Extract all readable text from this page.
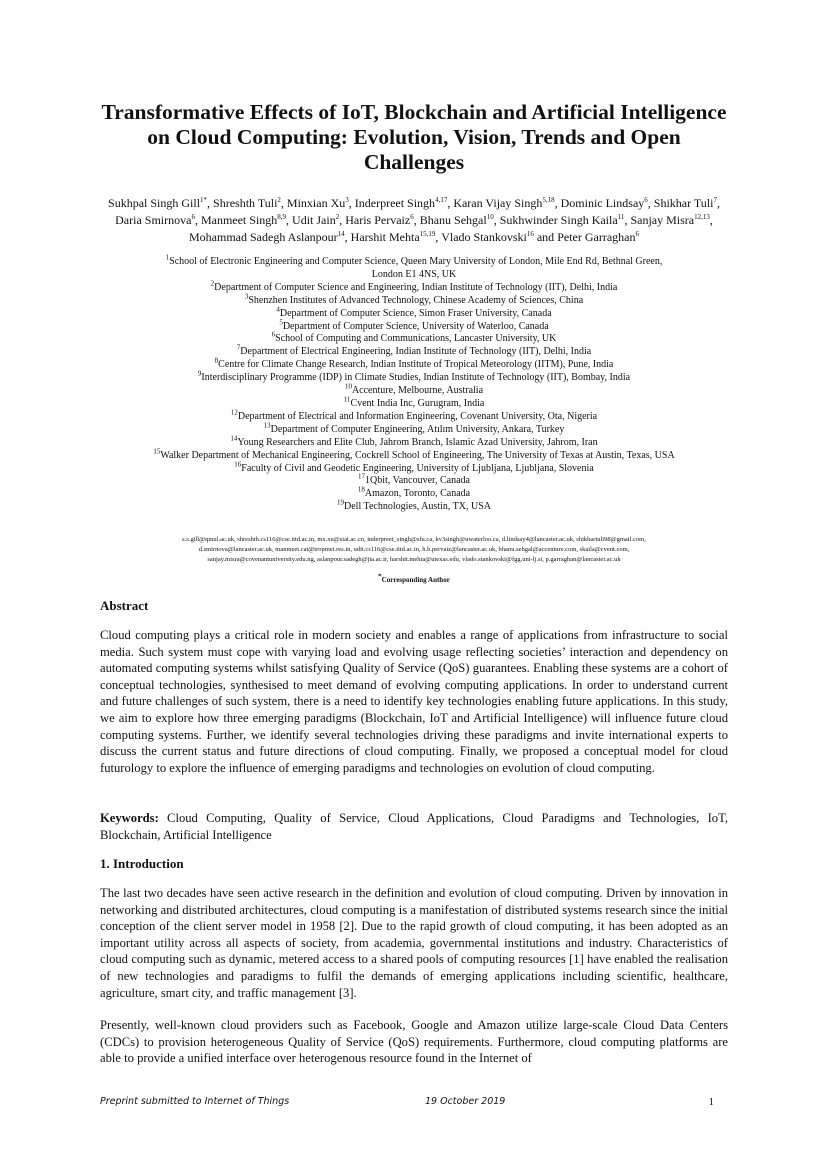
Transformative Effects of IoT, Blockchain and Artificial Intelligence on Cloud Computing: Evolution, Vision, Trends and Open Challenges

Sukhpal Singh Gill$^{1*}$, Shreshth Tuli$^2$, Minxian Xu$^3$, Inderpreet Singh$^{4,17}$, Karan Vijay Singh$^{5,18}$, Dominic Lindsay$^6$, Shikhar Tuli$^7$, Daria Smirnova$^6$, Manmeet Singh$^{8,9}$, Udit Jain$^2$, Haris Pervaiz$^6$, Bhanu Sehgal$^{10}$, Sukhwinder Singh Kaila$^{11}$, Sanjay Misra$^{12,13}$, Mohammad Sadegh Aslanpour$^{14}$, Harshit Mehta$^{15,19}$, Vlado Stankovski$^{16}$ and Peter Garraghan$^6$

$^1$School of Electronic Engineering and Computer Science, Queen Mary University of London, Mile End Rd, Bethnal Green,
London E1 4NS, UK
$^2$Department of Computer Science and Engineering, Indian Institute of Technology (IIT), Delhi, India
$^3$Shenzhen Institutes of Advanced Technology, Chinese Academy of Sciences, China
$^4$Department of Computer Science, Simon Fraser University, Canada
$^5$Department of Computer Science, University of Waterloo, Canada
$^6$School of Computing and Communications, Lancaster University, UK
$^7$Department of Electrical Engineering, Indian Institute of Technology (IIT), Delhi, India
$^8$Centre for Climate Change Research, Indian Institute of Tropical Meteorology (IITM), Pune, India
$^9$Interdisciplinary Programme (IDP) in Climate Studies, Indian Institute of Technology (IIT), Bombay, India
$^{10}$Accenture, Melbourne, Australia
$^{11}$Cvent India Inc, Gurugram, India
$^{12}$Department of Electrical and Information Engineering, Covenant University, Ota, Nigeria
$^{13}$Department of Computer Engineering, Atılım University, Ankara, Turkey
$^{14}$Young Researchers and Elite Club, Jahrom Branch, Islamic Azad University, Jahrom, Iran
$^{15}$Walker Department of Mechanical Engineering, Cockrell School of Engineering, The University of Texas at Austin, Texas, USA
$^{16}$Faculty of Civil and Geodetic Engineering, University of Ljubljana, Ljubljana, Slovenia
$^{17}$1Qbit, Vancouver, Canada
$^{18}$Amazon, Toronto, Canada
$^{19}$Dell Technologies, Austin, TX, USA
s.s.gill@qmul.ac.uk, shreshth.cs116@cse.iitd.ac.in, mx.xu@siat.ac.cn, inderpreet_singh@sfu.ca, kv3singh@uwaterloo.ca, d.lindsay4@lancaster.ac.uk, shikhartuli98@gmail.com,
d.smirnova@lancaster.ac.uk, manmeet.cat@tropmet.res.in, udit.cs116@cse.iitd.ac.in, h.b.pervaiz@lancaster.ac.uk, bhanu.sehgal@accenture.com, skaila@cvent.com,
sanjay.misra@covenantuniversity.edu.ng, aslanpour.sadegh@jia.ac.ir, harshit.mehta@utexas.edu, vlado.stankovski@fgg.uni-lj.si, p.garraghan@lancaster.ac.uk
*Corresponding Author
Abstract

Cloud computing plays a critical role in modern society and enables a range of applications from infrastructure to social media. Such system must cope with varying load and evolving usage reflecting societies’ interaction and dependency on automated computing systems whilst satisfying Quality of Service (QoS) guarantees. Enabling these systems are a cohort of conceptual technologies, synthesised to meet demand of evolving computing applications. In order to understand current and future challenges of such system, there is a need to identify key technologies enabling future applications. In this study, we aim to explore how three emerging paradigms (Blockchain, IoT and Artificial Intelligence) will influence future cloud computing systems. Further, we identify several technologies driving these paradigms and invite international experts to discuss the current status and future directions of cloud computing. Finally, we proposed a conceptual model for cloud futurology to explore the influence of emerging paradigms and technologies on evolution of cloud computing.

Keywords: Cloud Computing, Quality of Service, Cloud Applications, Cloud Paradigms and Technologies, IoT, Blockchain, Artificial Intelligence

1. Introduction

The last two decades have seen active research in the definition and evolution of cloud computing. Driven by innovation in networking and distributed architectures, cloud computing is a manifestation of distributed systems research since the initial conception of the client server model in 1958 [2]. Due to the rapid growth of cloud computing, it has been adopted as an important utility across all aspects of society, from academia, governmental institutions and industry. Characteristics of cloud computing such as dynamic, metered access to a shared pools of computing resources [1] have enabled the realisation of new technologies and paradigms to fulfil the demands of emerging applications including scientific, healthcare, agriculture, smart city, and traffic management [3].

Presently, well-known cloud providers such as Facebook, Google and Amazon utilize large-scale Cloud Data Centers (CDCs) to provision heterogeneous Quality of Service (QoS) requirements. Furthermore, cloud computing platforms are able to provide a unified interface over heterogenous resource found in the Internet of

Preprint submitted to Internet of Things	19 October 2019	1
